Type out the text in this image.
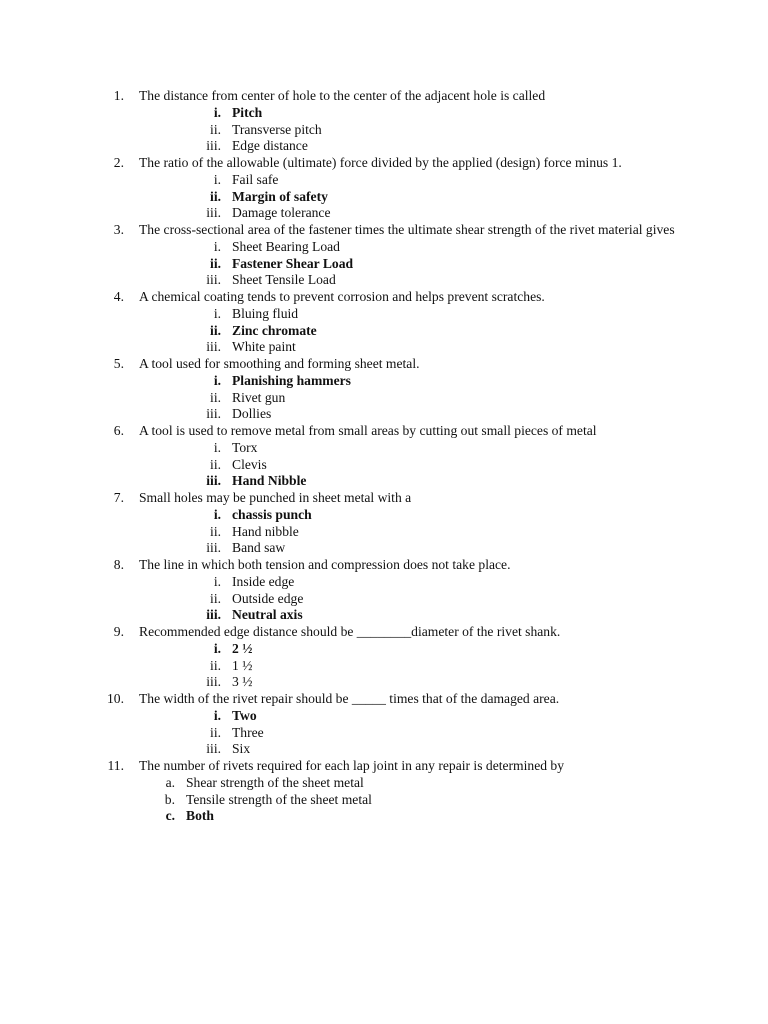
1. The distance from center of hole to the center of the adjacent hole is called
i. Pitch
ii. Transverse pitch
iii. Edge distance
2. The ratio of the allowable (ultimate) force divided by the applied (design) force minus 1.
i. Fail safe
ii. Margin of safety
iii. Damage tolerance
3. The cross-sectional area of the fastener times the ultimate shear strength of the rivet material gives
i. Sheet Bearing Load
ii. Fastener Shear Load
iii. Sheet Tensile Load
4. A chemical coating tends to prevent corrosion and helps prevent scratches.
i. Bluing fluid
ii. Zinc chromate
iii. White paint
5. A tool used for smoothing and forming sheet metal.
i. Planishing hammers
ii. Rivet gun
iii. Dollies
6. A tool is used to remove metal from small areas by cutting out small pieces of metal
i. Torx
ii. Clevis
iii. Hand Nibble
7. Small holes may be punched in sheet metal with a
i. chassis punch
ii. Hand nibble
iii. Band saw
8. The line in which both tension and compression does not take place.
i. Inside edge
ii. Outside edge
iii. Neutral axis
9. Recommended edge distance should be ________diameter of the rivet shank.
i. 2 ½
ii. 1 ½
iii. 3 ½
10. The width of the rivet repair should be _____ times that of the damaged area.
i. Two
ii. Three
iii. Six
11. The number of rivets required for each lap joint in any repair is determined by
a. Shear strength of the sheet metal
b. Tensile strength of the sheet metal
c. Both
